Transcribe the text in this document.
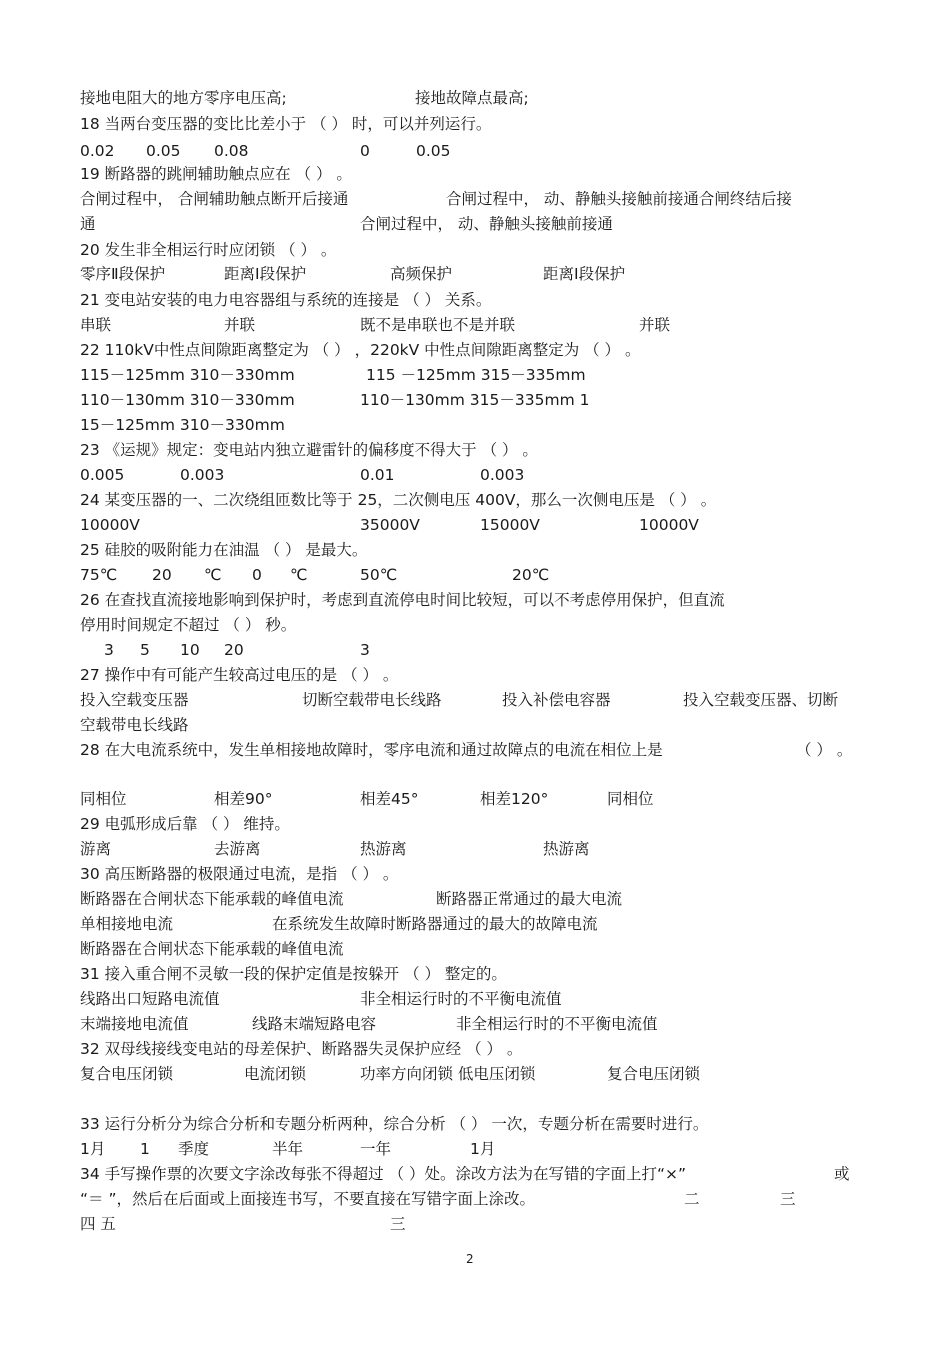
接地电阻大的地方零序电压高;	接地故障点最高;
18 当两台变压器的变比比差小于 （ ） 时，可以并列运行。
0.02 0.05 0.08	0	0.05
19 断路器的跳闸辅助触点应在 （ ） 。
合闸过程中， 合闸辅助触点断开后接通	合闸过程中， 动、静触头接触前接通合闸终结后接
通	合闸过程中， 动、静触头接触前接通
20 发生非全相运行时应闭锁 （ ） 。
零序Ⅱ段保护	距离Ⅰ段保护	高频保护	距离Ⅰ段保护
21 变电站安装的电力电容器组与系统的连接是 （ ） 关系。
串联	并联	既不是串联也不是并联	并联
22 110kV中性点间隙距离整定为 （ ） ，220kV 中性点间隙距离整定为 （ ） 。
115－125mm 310－330mm	115 －125mm 315－335mm
110－130mm 310－330mm	110－130mm 315－335mm 1
15－125mm 310－330mm
23 《运规》规定：变电站内独立避雷针的偏移度不得大于 （ ） 。
0.005	0.003	0.01	0.003
24 某变压器的一、二次绕组匝数比等于 25，二次侧电压 400V，那么一次侧电压是 （ ） 。
10000V	35000V	15000V	10000V
25 硅胶的吸附能力在油温 （ ） 是最大。
75℃ 20 ℃ 0 ℃	50℃	20℃
26 在查找直流接地影响到保护时，考虑到直流停电时间比较短，可以不考虑停用保护，但直流
停用时间规定不超过 （ ） 秒。
3 5 10 20	3
27 操作中有可能产生较高过电压的是 （ ） 。
投入空载变压器	切断空载带电长线路	投入补偿电容器	投入空载变压器、切断
空载带电长线路
28 在大电流系统中，发生单相接地故障时，零序电流和通过故障点的电流在相位上是	（ ） 。
同相位	相差90°	相差45°	相差120°	同相位
29 电弧形成后靠 （ ） 维持。
游离	去游离	热游离	热游离
30 高压断路器的极限通过电流，是指 （ ） 。
断路器在合闸状态下能承载的峰值电流	断路器正常通过的最大电流
单相接地电流	在系统发生故障时断路器通过的最大的故障电流
断路器在合闸状态下能承载的峰值电流
31 接入重合闸不灵敏一段的保护定值是按躲开 （ ） 整定的。
线路出口短路电流值	非全相运行时的不平衡电流值
末端接地电流值	线路末端短路电容	非全相运行时的不平衡电流值
32 双母线接线变电站的母差保护、断路器失灵保护应经 （ ） 。
复合电压闭锁	电流闭锁	功率方向闭锁 低电压闭锁	复合电压闭锁
33 运行分析分为综合分析和专题分析两种，综合分析 （ ） 一次，专题分析在需要时进行。
1月 1 季度	半年	一年	1月
34 手写操作票的次要文字涂改每张不得超过 （ ）处。涂改方法为在写错的字面上打“×”	或
“＝ ”，然后在后面或上面接连书写，不要直接在写错字面上涂改。	二	三
四 五	三
2
